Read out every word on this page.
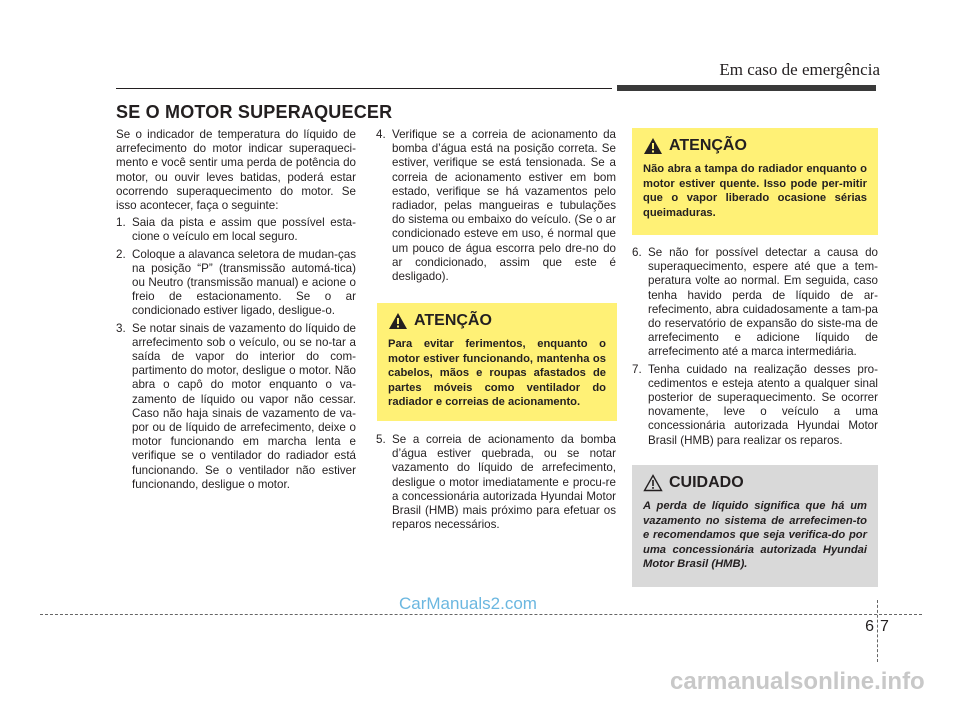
Em caso de emergência
SE O MOTOR SUPERAQUECER

Se o indicador de temperatura do líquido de arrefecimento do motor indicar superaqueci-mento e você sentir uma perda de potência do motor, ou ouvir leves batidas, poderá estar ocorrendo superaquecimento do motor. Se isso acontecer, faça o seguinte:

1. Saia da pista e assim que possível esta-cione o veículo em local seguro.
2. Coloque a alavanca seletora de mudan-ças na posição “P” (transmissão automá-tica) ou Neutro (transmissão manual) e acione o freio de estacionamento. Se o ar condicionado estiver ligado, desligue-o.
3. Se notar sinais de vazamento do líquido de arrefecimento sob o veículo, ou se no-tar a saída de vapor do interior do com-partimento do motor, desligue o motor. Não abra o capô do motor enquanto o va-zamento de líquido ou vapor não cessar. Caso não haja sinais de vazamento de va-por ou de líquido de arrefecimento, deixe o motor funcionando em marcha lenta e verifique se o ventilador do radiador está funcionando. Se o ventilador não estiver funcionando, desligue o motor.
4. Verifique se a correia de acionamento da bomba d’água está na posição correta. Se estiver, verifique se está tensionada. Se a correia de acionamento estiver em bom estado, verifique se há vazamentos pelo radiador, pelas mangueiras e tubulações do sistema ou embaixo do veículo. (Se o ar condicionado esteve em uso, é normal que um pouco de água escorra pelo dre-no do ar condicionado, assim que este é desligado).
ATENÇÃO
Para evitar ferimentos, enquanto o motor estiver funcionando, mantenha os cabelos, mãos e roupas afastados de partes móveis como ventilador do radiador e correias de acionamento.
5. Se a correia de acionamento da bomba d’água estiver quebrada, ou se notar vazamento do líquido de arrefecimento, desligue o motor imediatamente e procu-re a concessionária autorizada Hyundai Motor Brasil (HMB) mais próximo para efetuar os reparos necessários.
ATENÇÃO
Não abra a tampa do radiador enquanto o motor estiver quente. Isso pode per-mitir que o vapor liberado ocasione sérias queimaduras.
6. Se não for possível detectar a causa do superaquecimento, espere até que a tem-peratura volte ao normal. Em seguida, caso tenha havido perda de líquido de ar-refecimento, abra cuidadosamente a tam-pa do reservatório de expansão do siste-ma de arrefecimento e adicione líquido de arrefecimento até a marca intermediária.
7. Tenha cuidado na realização desses pro-cedimentos e esteja atento a qualquer sinal posterior de superaquecimento. Se ocorrer novamente, leve o veículo a uma concessionária autorizada Hyundai Motor Brasil (HMB) para realizar os reparos.
CUIDADO
A perda de líquido significa que há um vazamento no sistema de arrefecimen-to e recomendamos que seja verifica-do por uma concessionária autorizada Hyundai Motor Brasil (HMB).
CarManuals2.com
6 7
carmanualsonline.info
